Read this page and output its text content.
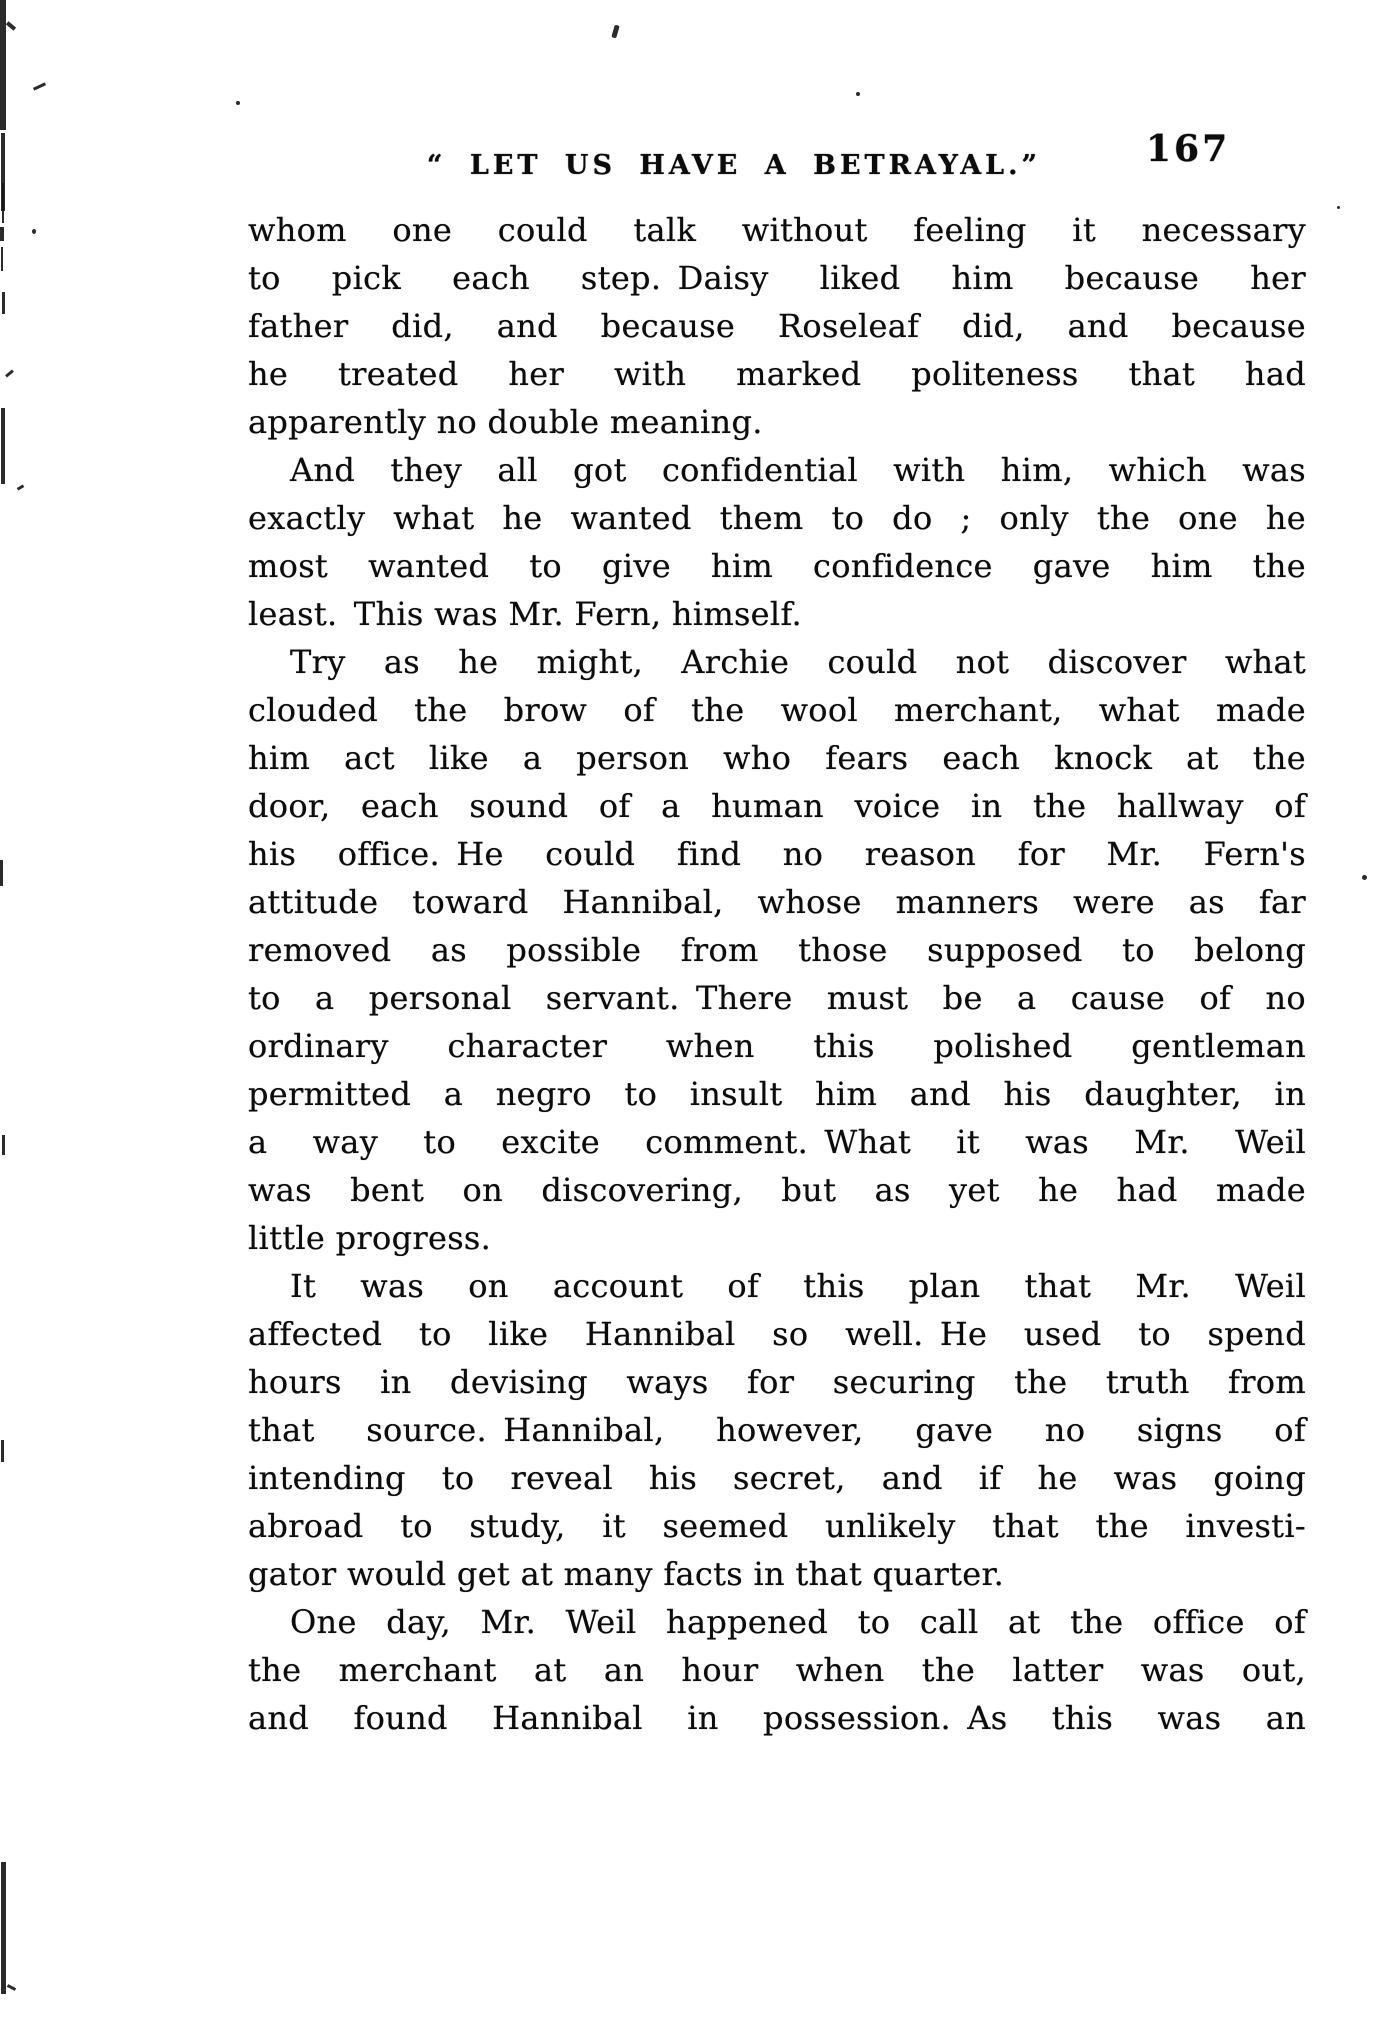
“ LET US HAVE A BETRAYAL.”	167
whom one could talk without feeling it necessary
to pick each step. Daisy liked him because her
father did, and because Roseleaf did, and because
he treated her with marked politeness that had
apparently no double meaning.
And they all got confidential with him, which was
exactly what he wanted them to do ; only the one he
most wanted to give him confidence gave him the
least. This was Mr. Fern, himself.
Try as he might, Archie could not discover what
clouded the brow of the wool merchant, what made
him act like a person who fears each knock at the
door, each sound of a human voice in the hallway of
his office. He could find no reason for Mr. Fern's
attitude toward Hannibal, whose manners were as far
removed as possible from those supposed to belong
to a personal servant. There must be a cause of no
ordinary character when this polished gentleman
permitted a negro to insult him and his daughter, in
a way to excite comment. What it was Mr. Weil
was bent on discovering, but as yet he had made
little progress.
It was on account of this plan that Mr. Weil
affected to like Hannibal so well. He used to spend
hours in devising ways for securing the truth from
that source. Hannibal, however, gave no signs of
intending to reveal his secret, and if he was going
abroad to study, it seemed unlikely that the investi-
gator would get at many facts in that quarter.
One day, Mr. Weil happened to call at the office of
the merchant at an hour when the latter was out,
and found Hannibal in possession. As this was an
